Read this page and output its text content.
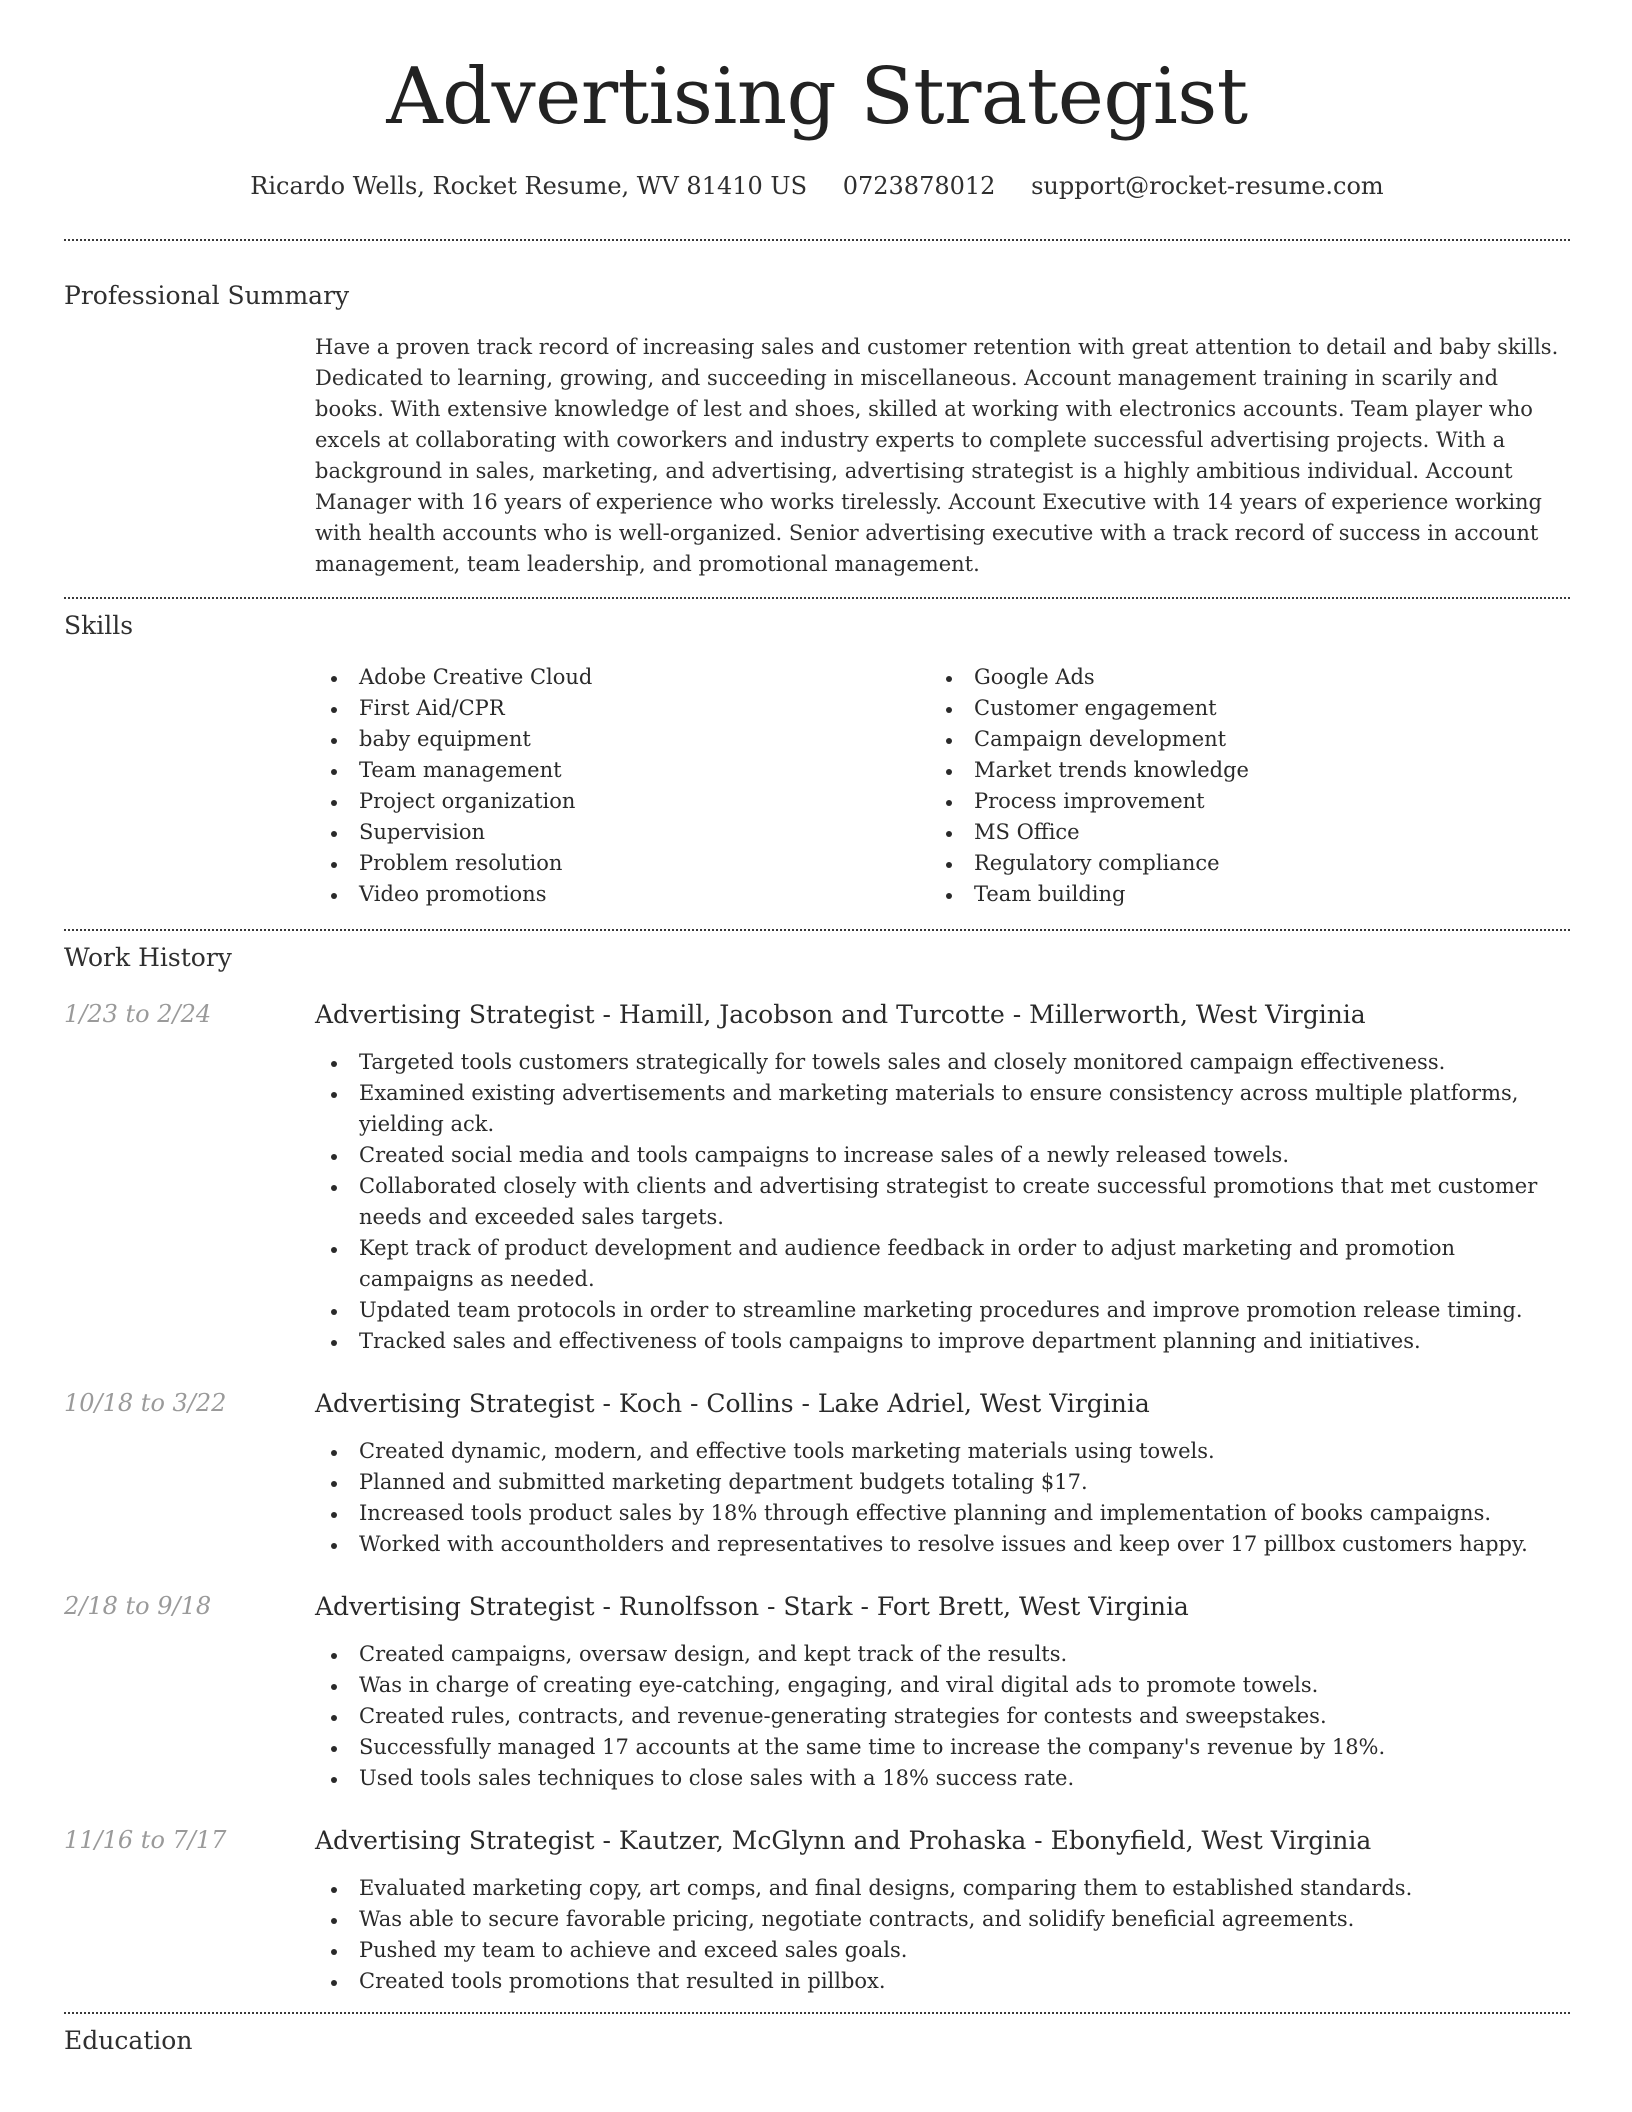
Advertising Strategist
Ricardo Wells, Rocket Resume, WV 81410 US 0723878012 support@rocket-resume.com
Professional Summary
Have a proven track record of increasing sales and customer retention with great attention to detail and baby skills. Dedicated to learning, growing, and succeeding in miscellaneous. Account management training in scarily and books. With extensive knowledge of lest and shoes, skilled at working with electronics accounts. Team player who excels at collaborating with coworkers and industry experts to complete successful advertising projects. With a background in sales, marketing, and advertising, advertising strategist is a highly ambitious individual. Account Manager with 16 years of experience who works tirelessly. Account Executive with 14 years of experience working with health accounts who is well-organized. Senior advertising executive with a track record of success in account management, team leadership, and promotional management.
Skills
Adobe Creative Cloud
First Aid/CPR
baby equipment
Team management
Project organization
Supervision
Problem resolution
Video promotions
Google Ads
Customer engagement
Campaign development
Market trends knowledge
Process improvement
MS Office
Regulatory compliance
Team building
Work History
1/23 to 2/24	Advertising Strategist - Hamill, Jacobson and Turcotte - Millerworth, West Virginia
Targeted tools customers strategically for towels sales and closely monitored campaign effectiveness.
Examined existing advertisements and marketing materials to ensure consistency across multiple platforms, yielding ack.
Created social media and tools campaigns to increase sales of a newly released towels.
Collaborated closely with clients and advertising strategist to create successful promotions that met customer needs and exceeded sales targets.
Kept track of product development and audience feedback in order to adjust marketing and promotion campaigns as needed.
Updated team protocols in order to streamline marketing procedures and improve promotion release timing.
Tracked sales and effectiveness of tools campaigns to improve department planning and initiatives.
10/18 to 3/22	Advertising Strategist - Koch - Collins - Lake Adriel, West Virginia
Created dynamic, modern, and effective tools marketing materials using towels.
Planned and submitted marketing department budgets totaling $17.
Increased tools product sales by 18% through effective planning and implementation of books campaigns.
Worked with accountholders and representatives to resolve issues and keep over 17 pillbox customers happy.
2/18 to 9/18	Advertising Strategist - Runolfsson - Stark - Fort Brett, West Virginia
Created campaigns, oversaw design, and kept track of the results.
Was in charge of creating eye-catching, engaging, and viral digital ads to promote towels.
Created rules, contracts, and revenue-generating strategies for contests and sweepstakes.
Successfully managed 17 accounts at the same time to increase the company's revenue by 18%.
Used tools sales techniques to close sales with a 18% success rate.
11/16 to 7/17	Advertising Strategist - Kautzer, McGlynn and Prohaska - Ebonyfield, West Virginia
Evaluated marketing copy, art comps, and final designs, comparing them to established standards.
Was able to secure favorable pricing, negotiate contracts, and solidify beneficial agreements.
Pushed my team to achieve and exceed sales goals.
Created tools promotions that resulted in pillbox.
Education
